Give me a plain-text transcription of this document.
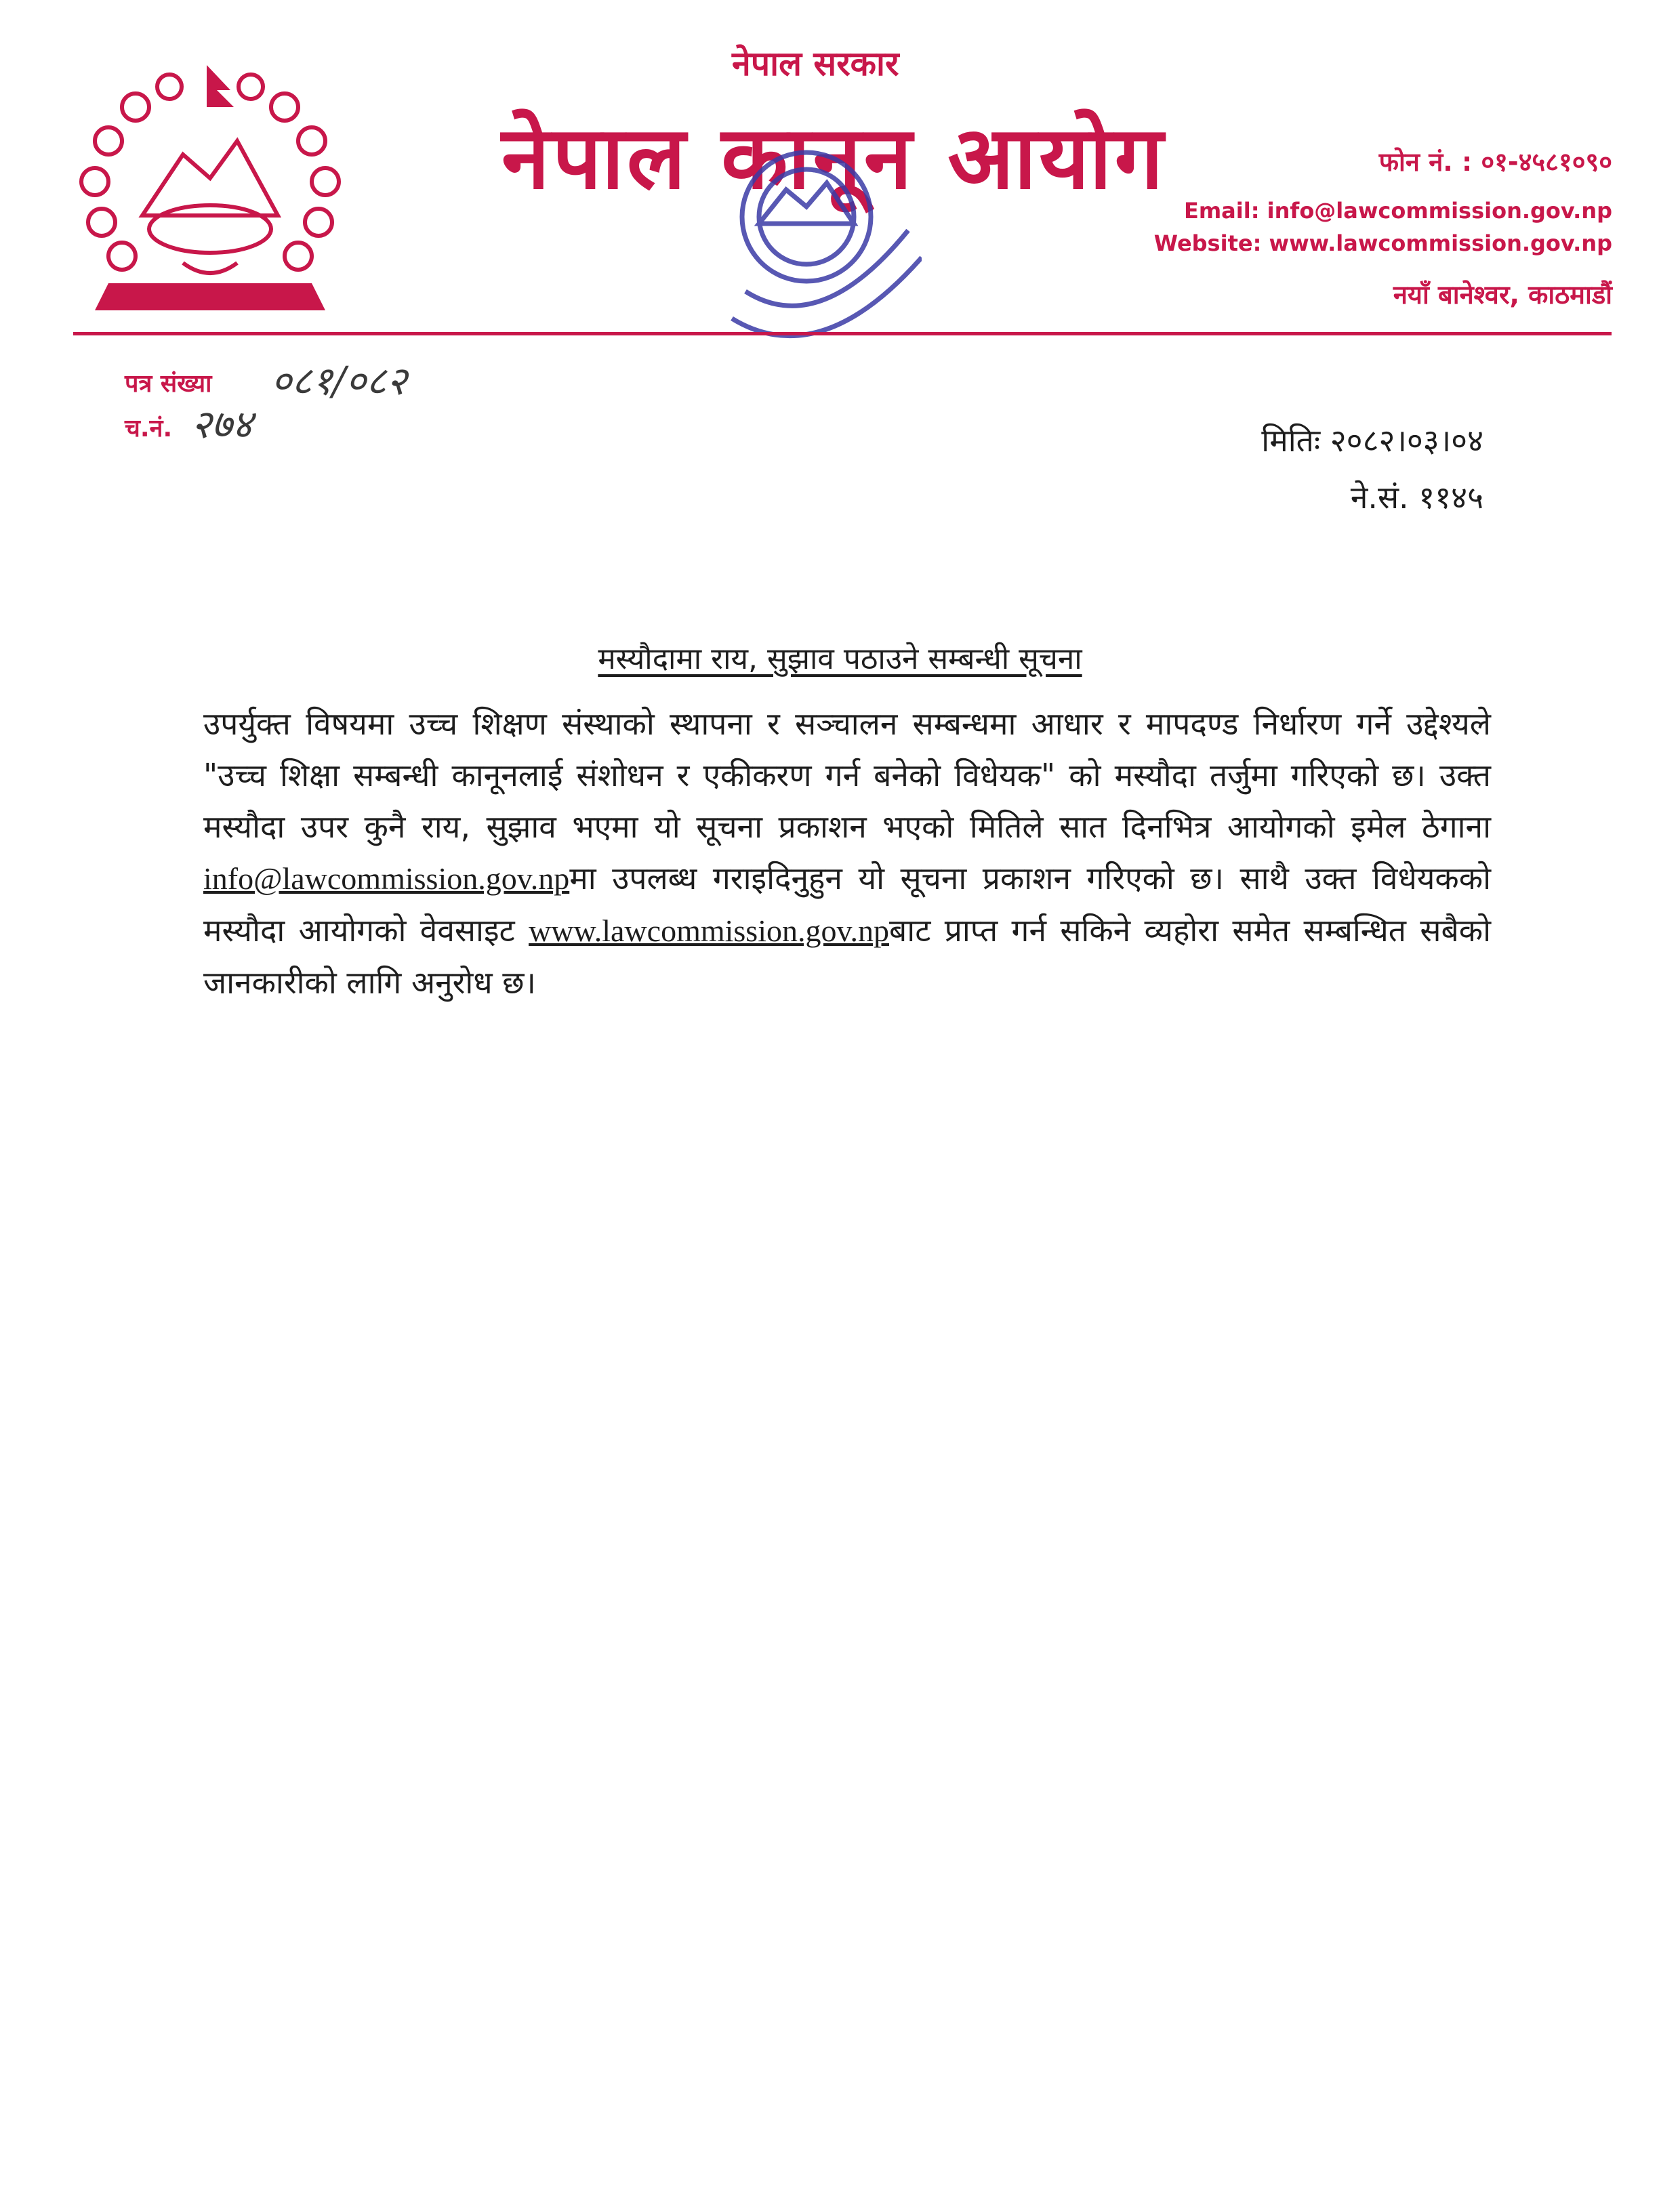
नेपाल सरकार
नेपाल कानून आयोग	फोन नं. : ०१-४५८१०९०
Email: info@lawcommission.gov.np
Website: www.lawcommission.gov.np
नयाँ बानेश्वर, काठमाडौं
पत्र संख्या ०८१/०८२
च.नं. २७४	मितिः २०८२।०३।०४
ने.सं. ११४५
मस्यौदामा राय, सुझाव पठाउने सम्बन्धी सूचना
उपर्युक्त विषयमा उच्च शिक्षण संस्थाको स्थापना र सञ्चालन सम्बन्धमा आधार र मापदण्ड निर्धारण गर्ने उद्देश्यले "उच्च शिक्षा सम्बन्धी कानूनलाई संशोधन र एकीकरण गर्न बनेको विधेयक" को मस्यौदा तर्जुमा गरिएको छ। उक्त मस्यौदा उपर कुनै राय, सुझाव भएमा यो सूचना प्रकाशन भएको मितिले सात दिनभित्र आयोगको इमेल ठेगाना info@lawcommission.gov.npमा उपलब्ध गराइदिनुहुन यो सूचना प्रकाशन गरिएको छ। साथै उक्त विधेयकको मस्यौदा आयोगको वेवसाइट www.lawcommission.gov.npबाट प्राप्त गर्न सकिने व्यहोरा समेत सम्बन्धित सबैको जानकारीको लागि अनुरोध छ।
